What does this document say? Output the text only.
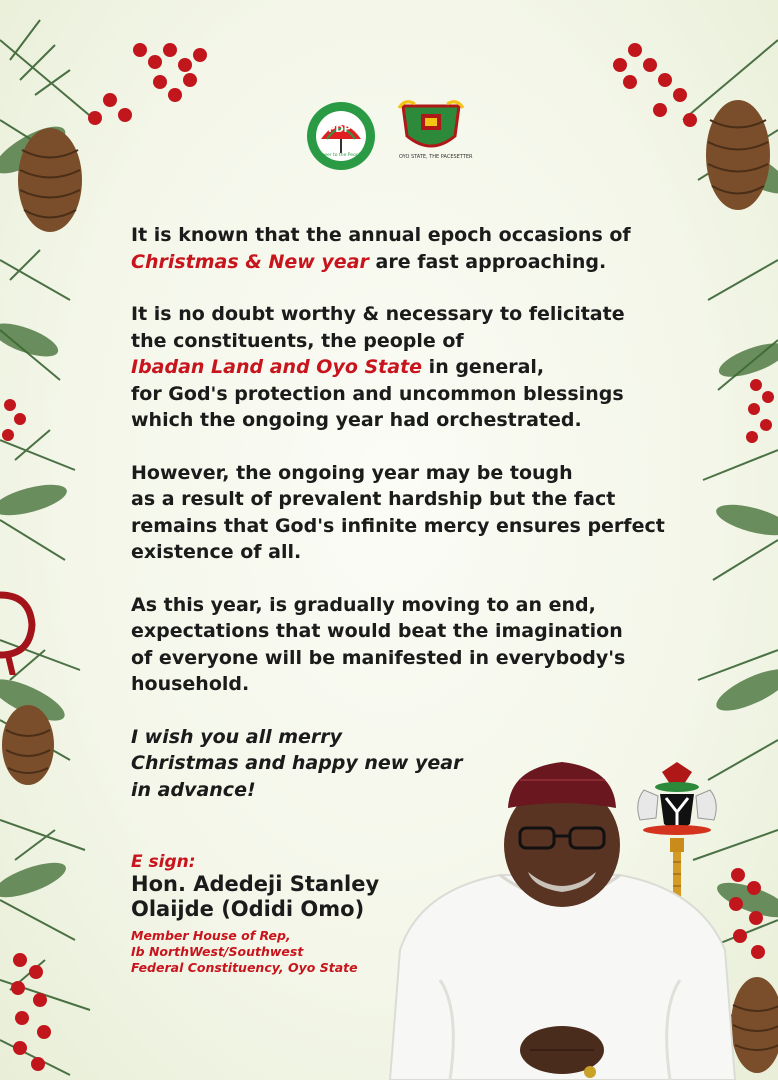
PDP
Power to the People	OYO STATE, THE PACESETTER
It is known that the annual epoch occasions of
Christmas & New year are fast approaching.
It is no doubt worthy & necessary to felicitate
the constituents, the people of
Ibadan Land and Oyo State in general,
for God's protection and uncommon blessings
which the ongoing year had orchestrated.
However, the ongoing year may be tough
as a result of prevalent hardship but the fact
remains that God's infinite mercy ensures perfect
existence of all.
As this year, is gradually moving to an end,
expectations that would beat the imagination
of everyone will be manifested in everybody's
household.
I wish you all merry
Christmas and happy new year
in advance!
E sign:
Hon. Adedeji Stanley
Olaijde (Odidi Omo)
Member House of Rep,
Ib NorthWest/Southwest
Federal Constituency, Oyo State
